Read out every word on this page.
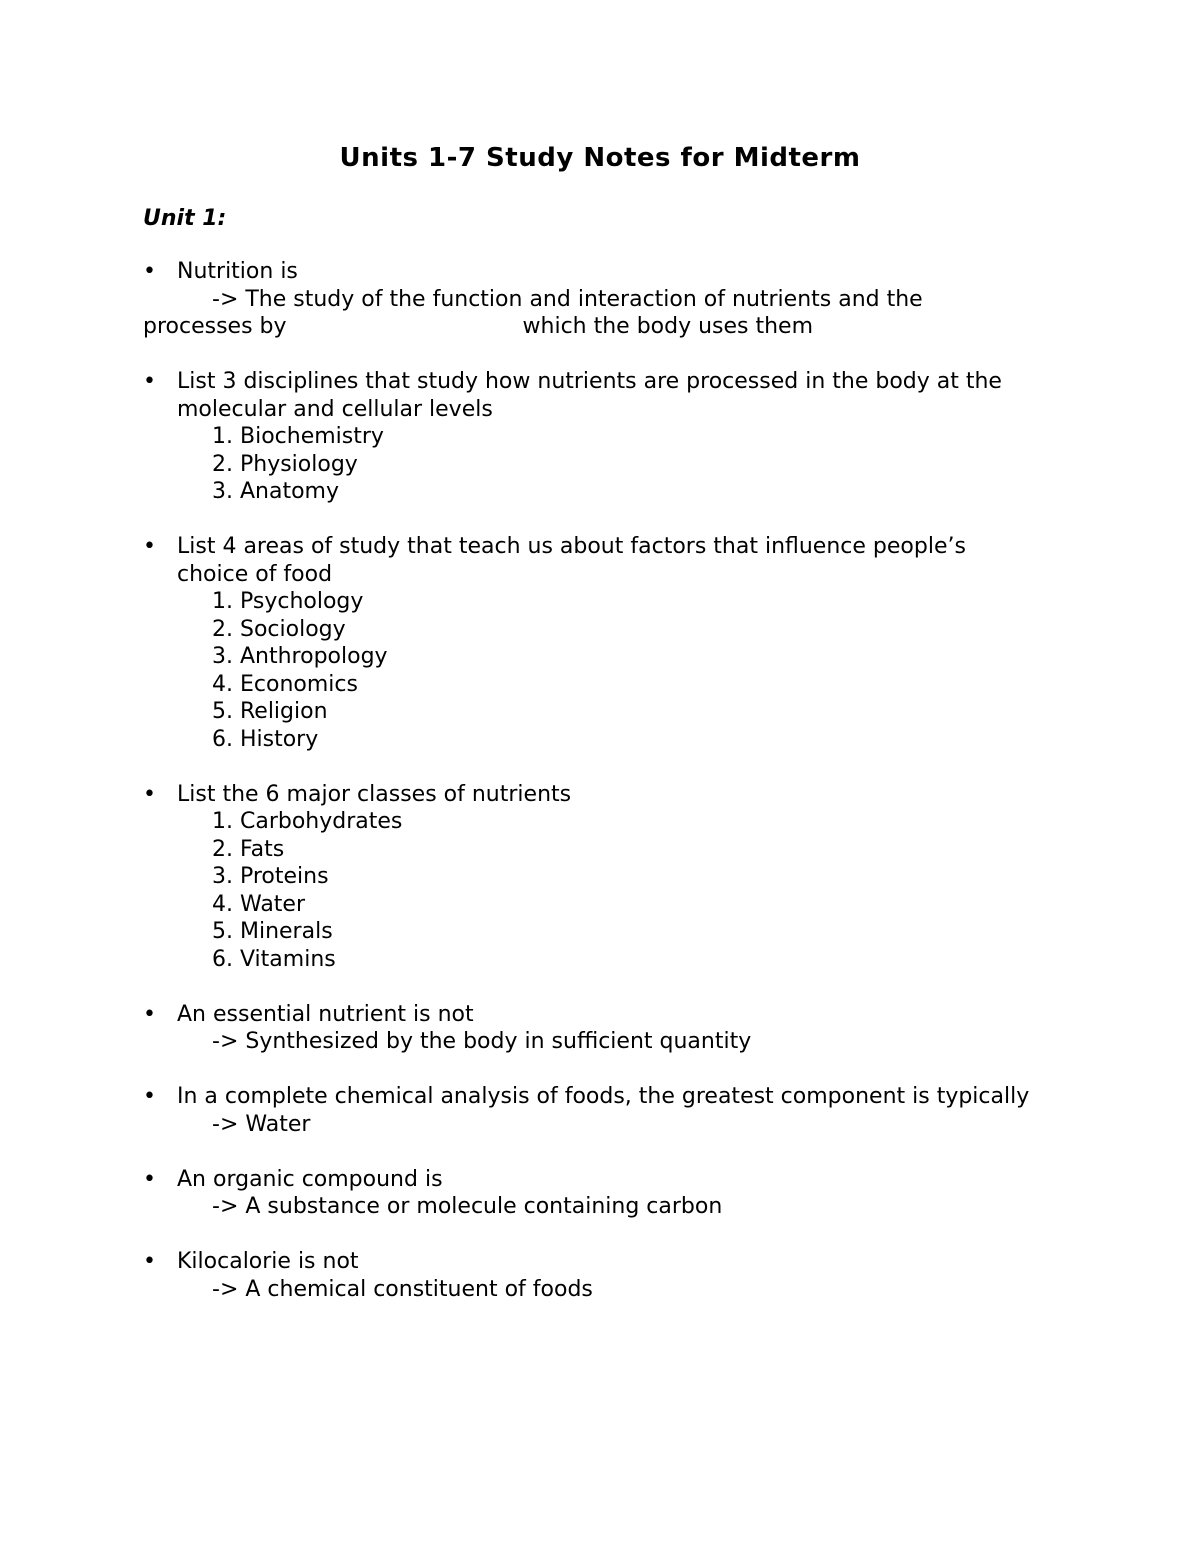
Units 1-7 Study Notes for Midterm
Unit 1:
• Nutrition is
-> The study of the function and interaction of nutrients and the
processes by	which the body uses them
• List 3 disciplines that study how nutrients are processed in the body at the molecular and cellular levels
1. Biochemistry
2. Physiology
3. Anatomy
• List 4 areas of study that teach us about factors that influence people’s choice of food
1. Psychology
2. Sociology
3. Anthropology
4. Economics
5. Religion
6. History
• List the 6 major classes of nutrients
1. Carbohydrates
2. Fats
3. Proteins
4. Water
5. Minerals
6. Vitamins
• An essential nutrient is not
-> Synthesized by the body in sufficient quantity
• In a complete chemical analysis of foods, the greatest component is typically
-> Water
• An organic compound is
-> A substance or molecule containing carbon
• Kilocalorie is not
-> A chemical constituent of foods
